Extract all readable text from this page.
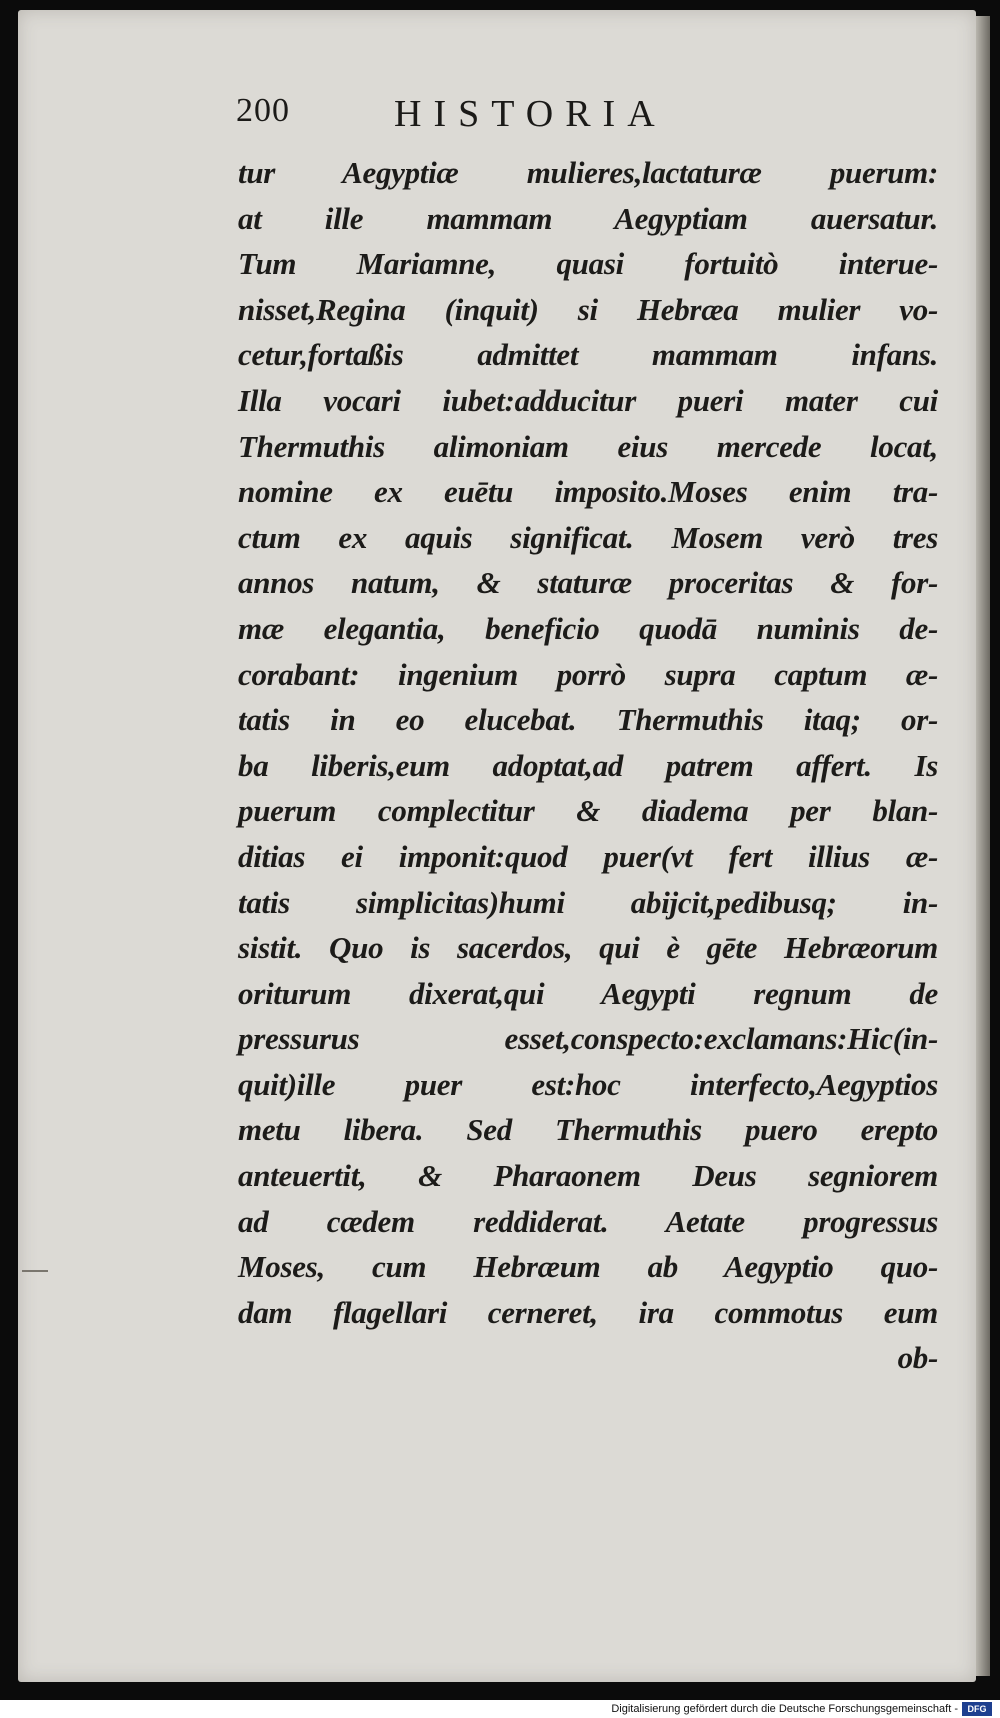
200	HISTORIA
tur Aegyptiæ mulieres,lactaturæ puerum:
at ille mammam Aegyptiam auersatur.
Tum Mariamne, quasi fortuitò interue-
nisset,Regina (inquit) si Hebræa mulier vo-
cetur,fortaßis admittet mammam infans.
Illa vocari iubet:adducitur pueri mater cui
Thermuthis alimoniam eius mercede locat,
nomine ex euētu imposito.Moses enim tra-
ctum ex aquis significat. Mosem verò tres
annos natum, & staturæ proceritas & for-
mæ elegantia, beneficio quodā numinis de-
corabant: ingenium porrò supra captum æ-
tatis in eo elucebat. Thermuthis itaq; or-
ba liberis,eum adoptat,ad patrem affert. Is
puerum complectitur & diadema per blan-
ditias ei imponit:quod puer(vt fert illius æ-
tatis simplicitas)humi abijcit,pedibusq; in-
sistit. Quo is sacerdos, qui è gēte Hebræorum
oriturum dixerat,qui Aegypti regnum de
pressurus esset,conspecto:exclamans:Hic(in-
quit)ille puer est:hoc interfecto,Aegyptios
metu libera. Sed Thermuthis puero erepto
anteuertit, & Pharaonem Deus segniorem
ad cædem reddiderat. Aetate progressus
Moses, cum Hebræum ab Aegyptio quo-
dam flagellari cerneret, ira commotus eum
ob-
Digitalisierung gefördert durch die Deutsche Forschungsgemeinschaft -	DFG
